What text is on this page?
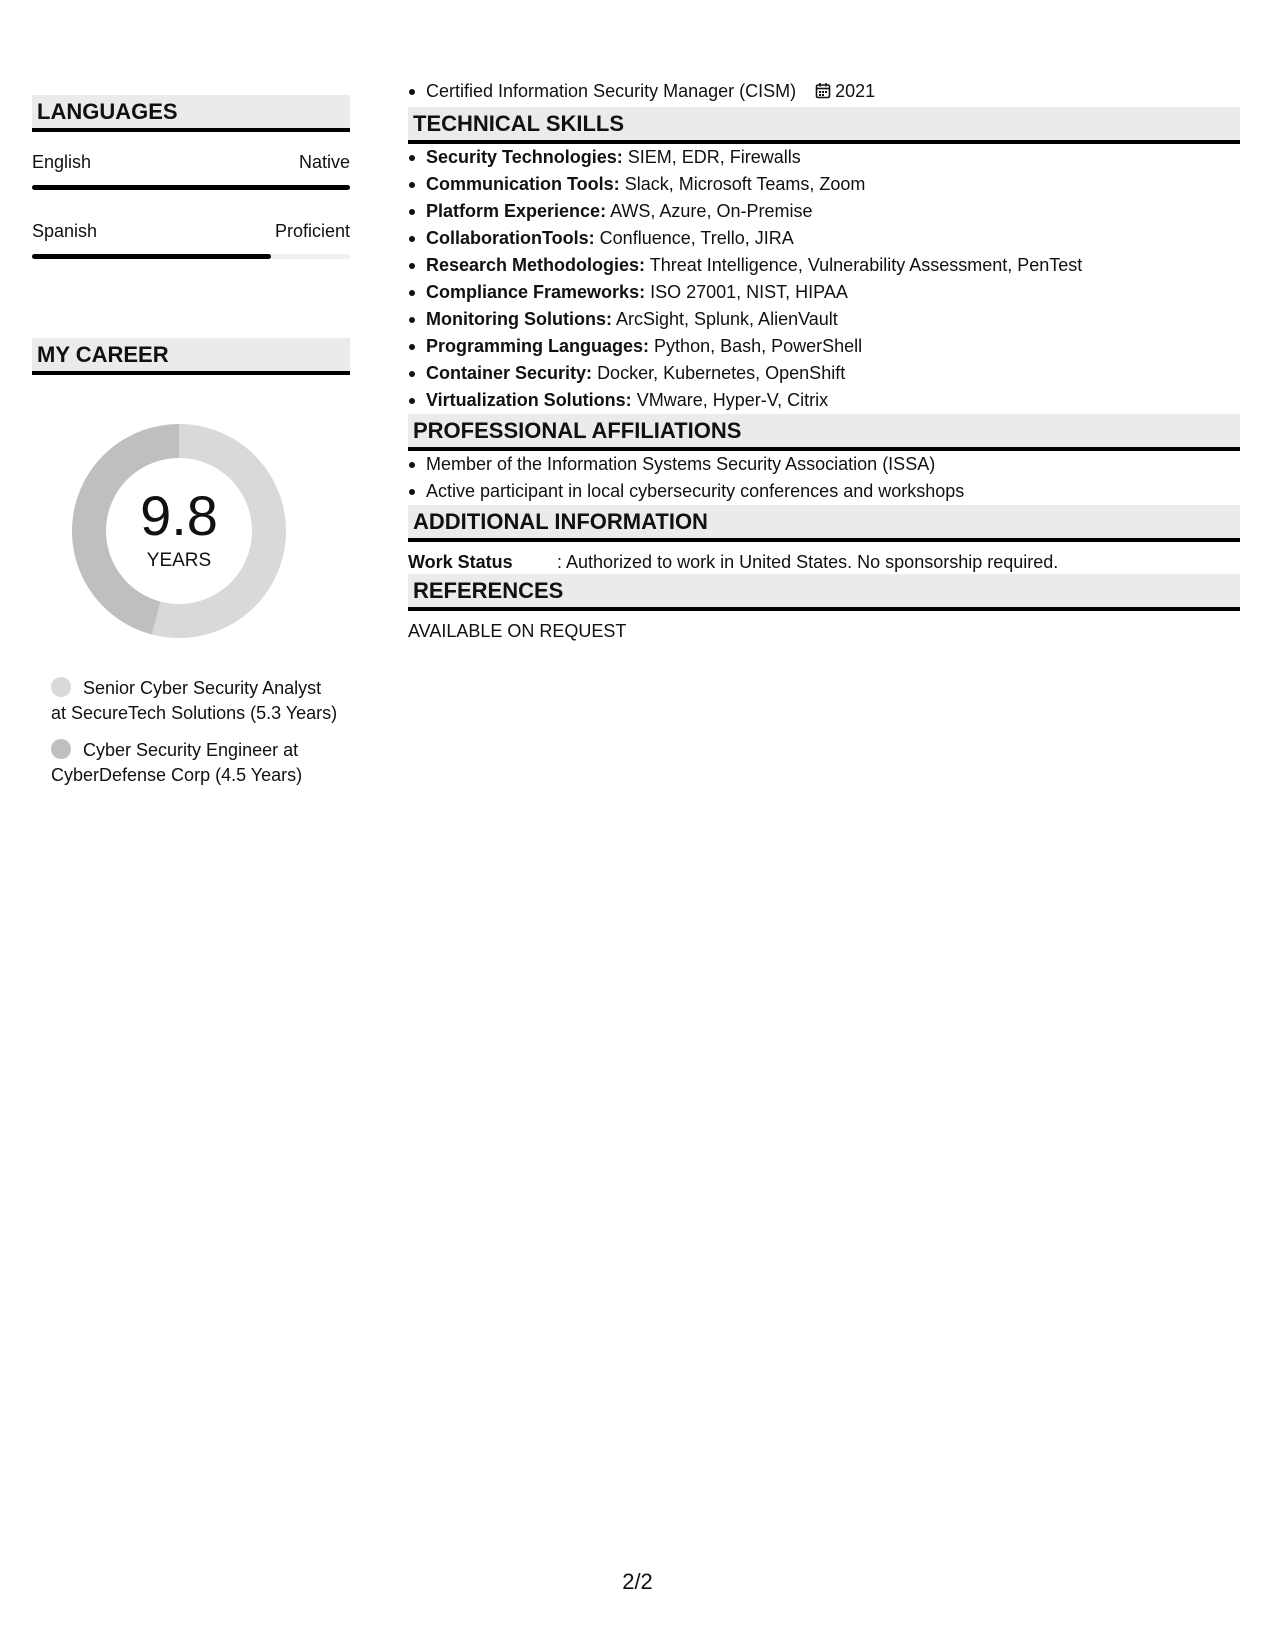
LANGUAGES
English	Native
Spanish	Proficient
MY CAREER
9.8
YEARS
Senior Cyber Security Analyst at SecureTech Solutions (5.3 Years)
Cyber Security Engineer at CyberDefense Corp (4.5 Years)
Certified Information Security Manager (CISM) 2021
TECHNICAL SKILLS
Security Technologies: SIEM, EDR, Firewalls
Communication Tools: Slack, Microsoft Teams, Zoom
Platform Experience: AWS, Azure, On-Premise
CollaborationTools: Confluence, Trello, JIRA
Research Methodologies: Threat Intelligence, Vulnerability Assessment, PenTest
Compliance Frameworks: ISO 27001, NIST, HIPAA
Monitoring Solutions: ArcSight, Splunk, AlienVault
Programming Languages: Python, Bash, PowerShell
Container Security: Docker, Kubernetes, OpenShift
Virtualization Solutions: VMware, Hyper-V, Citrix
PROFESSIONAL AFFILIATIONS
Member of the Information Systems Security Association (ISSA)
Active participant in local cybersecurity conferences and workshops
ADDITIONAL INFORMATION
Work Status : Authorized to work in United States. No sponsorship required.
REFERENCES
AVAILABLE ON REQUEST
2/2
